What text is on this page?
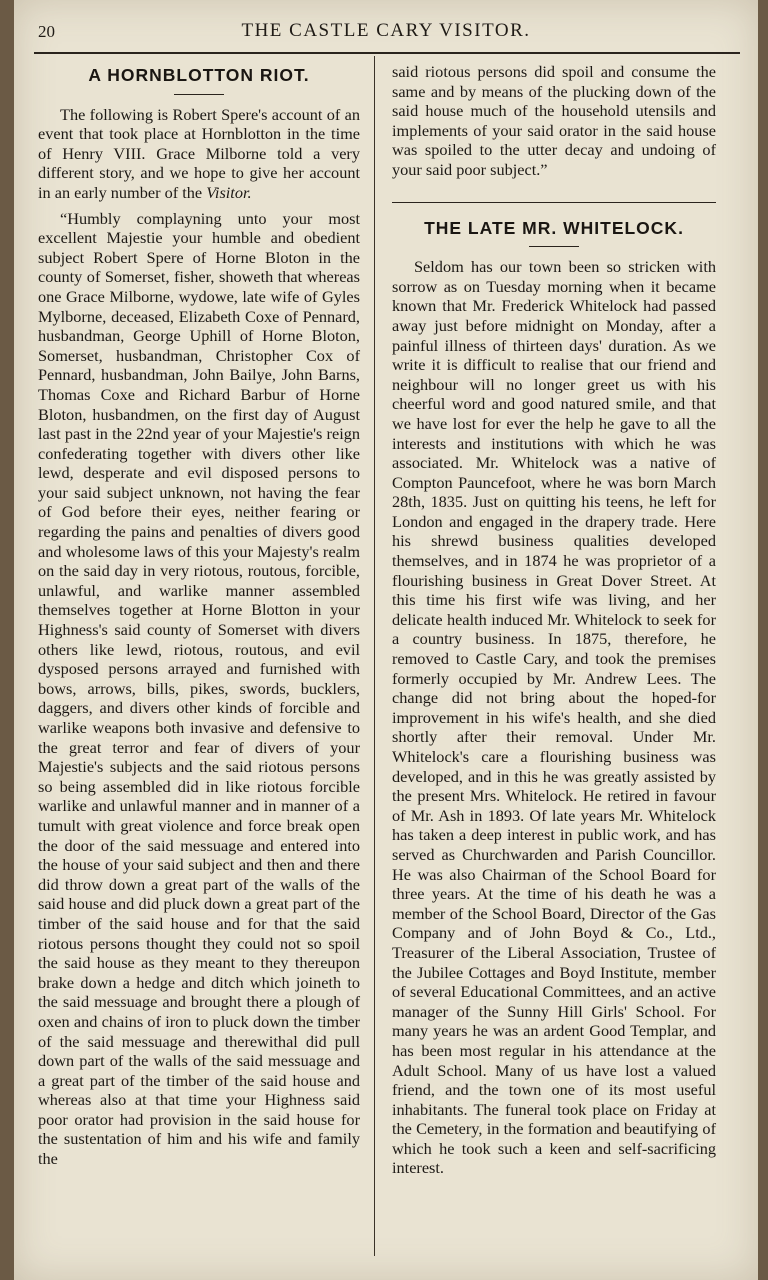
20	THE CASTLE CARY VISITOR.
A HORNBLOTTON RIOT.

The following is Robert Spere's account of an event that took place at Hornblotton in the time of Henry VIII. Grace Milborne told a very different story, and we hope to give her account in an early number of the Visitor.

“Humbly complayning unto your most excellent Majestie your humble and obedient subject Robert Spere of Horne Bloton in the county of Somerset, fisher, showeth that whereas one Grace Milborne, wydowe, late wife of Gyles Mylborne, deceased, Elizabeth Coxe of Pennard, husbandman, George Uphill of Horne Bloton, Somerset, husbandman, Christopher Cox of Pennard, husbandman, John Bailye, John Barns, Thomas Coxe and Richard Barbur of Horne Bloton, husbandmen, on the first day of August last past in the 22nd year of your Majestie's reign confederating together with divers other like lewd, desperate and evil disposed persons to your said subject unknown, not having the fear of God before their eyes, neither fearing or regarding the pains and penalties of divers good and wholesome laws of this your Majesty's realm on the said day in very riotous, routous, forcible, unlawful, and warlike manner assembled themselves together at Horne Blotton in your Highness's said county of Somerset with divers others like lewd, riotous, routous, and evil dysposed persons arrayed and furnished with bows, arrows, bills, pikes, swords, bucklers, daggers, and divers other kinds of forcible and warlike weapons both invasive and defensive to the great terror and fear of divers of your Majestie's subjects and the said riotous persons so being assembled did in like riotous forcible warlike and unlawful manner and in manner of a tumult with great violence and force break open the door of the said messuage and entered into the house of your said subject and then and there did throw down a great part of the walls of the said house and did pluck down a great part of the timber of the said house and for that the said riotous persons thought they could not so spoil the said house as they meant to they thereupon brake down a hedge and ditch which joineth to the said messuage and brought there a plough of oxen and chains of iron to pluck down the timber of the said messuage and therewithal did pull down part of the walls of the said messuage and a great part of the timber of the said house and whereas also at that time your Highness said poor orator had provision in the said house for the sustentation of him and his wife and family the

said riotous persons did spoil and consume the same and by means of the plucking down of the said house much of the household utensils and implements of your said orator in the said house was spoiled to the utter decay and undoing of your said poor subject.”

THE LATE MR. WHITELOCK.

Seldom has our town been so stricken with sorrow as on Tuesday morning when it became known that Mr. Frederick Whitelock had passed away just before midnight on Monday, after a painful illness of thirteen days' duration. As we write it is difficult to realise that our friend and neighbour will no longer greet us with his cheerful word and good natured smile, and that we have lost for ever the help he gave to all the interests and institutions with which he was associated. Mr. Whitelock was a native of Compton Pauncefoot, where he was born March 28th, 1835. Just on quitting his teens, he left for London and engaged in the drapery trade. Here his shrewd business qualities developed themselves, and in 1874 he was proprietor of a flourishing business in Great Dover Street. At this time his first wife was living, and her delicate health induced Mr. Whitelock to seek for a country business. In 1875, therefore, he removed to Castle Cary, and took the premises formerly occupied by Mr. Andrew Lees. The change did not bring about the hoped-for improvement in his wife's health, and she died shortly after their removal. Under Mr. Whitelock's care a flourishing business was developed, and in this he was greatly assisted by the present Mrs. Whitelock. He retired in favour of Mr. Ash in 1893. Of late years Mr. Whitelock has taken a deep interest in public work, and has served as Churchwarden and Parish Councillor. He was also Chairman of the School Board for three years. At the time of his death he was a member of the School Board, Director of the Gas Company and of John Boyd & Co., Ltd., Treasurer of the Liberal Association, Trustee of the Jubilee Cottages and Boyd Institute, member of several Educational Committees, and an active manager of the Sunny Hill Girls' School. For many years he was an ardent Good Templar, and has been most regular in his attendance at the Adult School. Many of us have lost a valued friend, and the town one of its most useful inhabitants. The funeral took place on Friday at the Cemetery, in the formation and beautifying of which he took such a keen and self-sacrificing interest.
